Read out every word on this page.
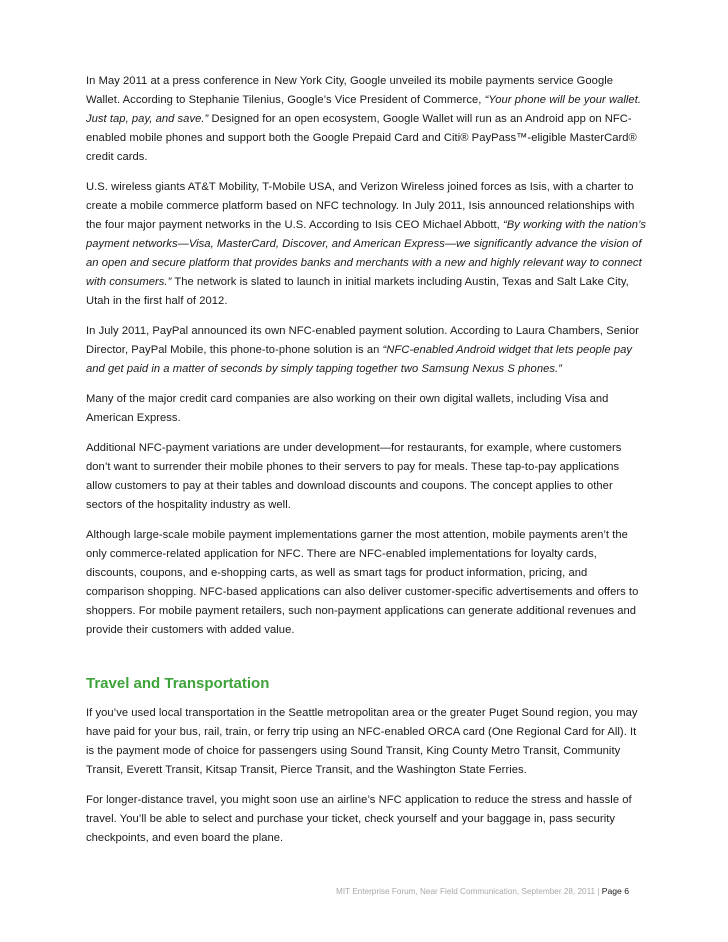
In May 2011 at a press conference in New York City, Google unveiled its mobile payments service Google Wallet. According to Stephanie Tilenius, Google’s Vice President of Commerce, “Your phone will be your wallet. Just tap, pay, and save.” Designed for an open ecosystem, Google Wallet will run as an Android app on NFC-enabled mobile phones and support both the Google Prepaid Card and Citi® PayPass™-eligible MasterCard® credit cards.

U.S. wireless giants AT&T Mobility, T-Mobile USA, and Verizon Wireless joined forces as Isis, with a charter to create a mobile commerce platform based on NFC technology. In July 2011, Isis announced relationships with the four major payment networks in the U.S. According to Isis CEO Michael Abbott, “By working with the nation’s payment networks—Visa, MasterCard, Discover, and American Express—we significantly advance the vision of an open and secure platform that provides banks and merchants with a new and highly relevant way to connect with consumers.” The network is slated to launch in initial markets including Austin, Texas and Salt Lake City, Utah in the first half of 2012.

In July 2011, PayPal announced its own NFC-enabled payment solution. According to Laura Chambers, Senior Director, PayPal Mobile, this phone-to-phone solution is an “NFC-enabled Android widget that lets people pay and get paid in a matter of seconds by simply tapping together two Samsung Nexus S phones.”

Many of the major credit card companies are also working on their own digital wallets, including Visa and American Express.

Additional NFC-payment variations are under development—for restaurants, for example, where customers don’t want to surrender their mobile phones to their servers to pay for meals. These tap-to-pay applications allow customers to pay at their tables and download discounts and coupons. The concept applies to other sectors of the hospitality industry as well.

Although large-scale mobile payment implementations garner the most attention, mobile payments aren’t the only commerce-related application for NFC. There are NFC-enabled implementations for loyalty cards, discounts, coupons, and e-shopping carts, as well as smart tags for product information, pricing, and comparison shopping. NFC-based applications can also deliver customer-specific advertisements and offers to shoppers. For mobile payment retailers, such non-payment applications can generate additional revenues and provide their customers with added value.

Travel and Transportation

If you’ve used local transportation in the Seattle metropolitan area or the greater Puget Sound region, you may have paid for your bus, rail, train, or ferry trip using an NFC-enabled ORCA card (One Regional Card for All). It is the payment mode of choice for passengers using Sound Transit, King County Metro Transit, Community Transit, Everett Transit, Kitsap Transit, Pierce Transit, and the Washington State Ferries.

For longer-distance travel, you might soon use an airline’s NFC application to reduce the stress and hassle of travel. You’ll be able to select and purchase your ticket, check yourself and your baggage in, pass security checkpoints, and even board the plane.

MIT Enterprise Forum, Near Field Communication, September 28, 2011 | Page 6
